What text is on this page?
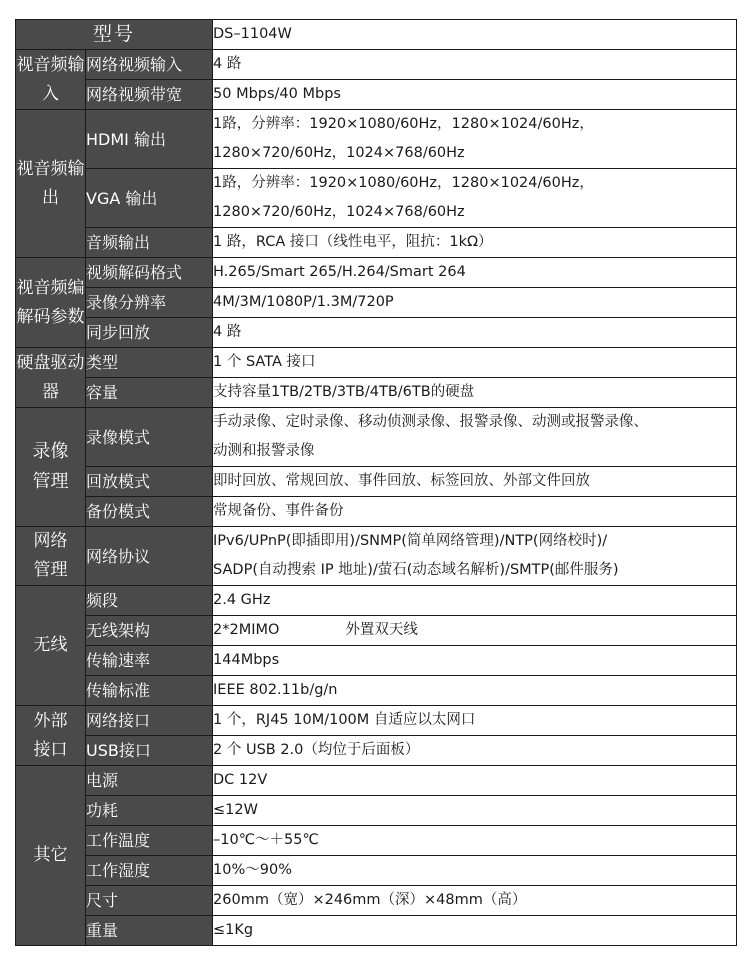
型号		DS–1104W
视音频输入	网络视频输入	4 路
	网络视频带宽	50 Mbps/40 Mbps
视音频输出	HDMI 输出	1路，分辨率：1920×1080/60Hz，1280×1024/60Hz，
1280×720/60Hz，1024×768/60Hz

	VGA 输出	1路，分辨率：1920×1080/60Hz，1280×1024/60Hz，
1280×720/60Hz，1024×768/60Hz

	音频输出	1 路，RCA 接口（线性电平，阻抗：1kΩ）
视音频编解码参数	视频解码格式	H.265/Smart 265/H.264/Smart 264
	录像分辨率	4M/3M/1080P/1.3M/720P
	同步回放	4 路
硬盘驱动器	类型	1 个 SATA 接口
	容量	支持容量1TB/2TB/3TB/4TB/6TB的硬盘
录像管理	录像模式	手动录像、定时录像、移动侦测录像、报警录像、动测或报警录像、
动测和报警录像

	回放模式	即时回放、常规回放、事件回放、标签回放、外部文件回放
	备份模式	常规备份、事件备份
网络管理	网络协议	IPv6/UPnP(即插即用)/SNMP(简单网络管理)/NTP(网络校时)/
SADP(自动搜索 IP 地址)/萤石(动态域名解析)/SMTP(邮件服务)

无线	频段	2.4 GHz
	无线架构	2*2MIMO 外置双天线
	传输速率	144Mbps
	传输标准	IEEE 802.11b/g/n
外部接口	网络接口	1 个，RJ45 10M/100M 自适应以太网口
	USB接口	2 个 USB 2.0（均位于后面板）
其它	电源	DC 12V
	功耗	≤12W
	工作温度	–10℃～＋55℃
	工作湿度	10%～90%
	尺寸	260mm（宽）×246mm（深）×48mm（高）
	重量	≤1Kg
